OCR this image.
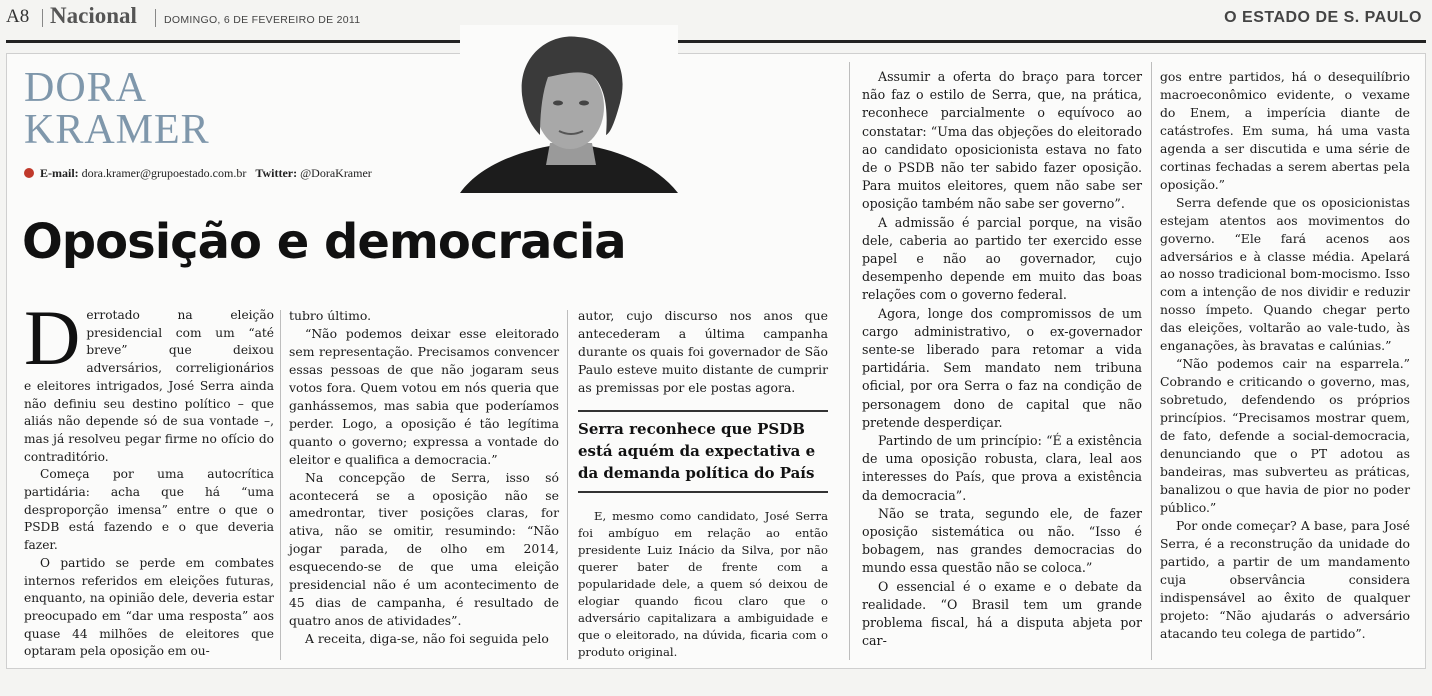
A8 Nacional	DOMINGO, 6 DE FEVEREIRO DE 2011	O ESTADO DE S. PAULO
DORA
KRAMER
E-mail: dora.kramer@grupoestado.com.br Twitter: @DoraKramer
Oposição e democracia

Derrotado na eleição presidencial com um “até breve” que deixou adversários, correligionários e eleitores intrigados, José Serra ainda não definiu seu destino político – que aliás não depende só de sua vontade –, mas já resolveu pegar firme no ofício do contraditório.

Começa por uma autocrítica partidária: acha que há “uma desproporção imensa” entre o que o PSDB está fazendo e o que deveria fazer.

O partido se perde em combates internos referidos em eleições futuras, enquanto, na opinião dele, deveria estar preocupado em “dar uma resposta” aos quase 44 milhões de eleitores que optaram pela oposição em ou-

tubro último.

“Não podemos deixar esse eleitorado sem representação. Precisamos convencer essas pessoas de que não jogaram seus votos fora. Quem votou em nós queria que ganhássemos, mas sabia que poderíamos perder. Logo, a oposição é tão legítima quanto o governo; expressa a vontade do eleitor e qualifica a democracia.”

Na concepção de Serra, isso só acontecerá se a oposição não se amedrontar, tiver posições claras, for ativa, não se omitir, resumindo: “Não jogar parada, de olho em 2014, esquecendo-se de que uma eleição presidencial não é um acontecimento de 45 dias de campanha, é resultado de quatro anos de atividades”.

A receita, diga-se, não foi seguida pelo

autor, cujo discurso nos anos que antecederam a última campanha durante os quais foi governador de São Paulo esteve muito distante de cumprir as premissas por ele postas agora.

Serra reconhece que PSDB está aquém da expectativa e da demanda política do País

E, mesmo como candidato, José Serra foi ambíguo em relação ao então presidente Luiz Inácio da Silva, por não querer bater de frente com a popularidade dele, a quem só deixou de elogiar quando ficou claro que o adversário capitalizara a ambiguidade e que o eleitorado, na dúvida, ficaria com o produto original.

Assumir a oferta do braço para torcer não faz o estilo de Serra, que, na prática, reconhece parcialmente o equívoco ao constatar: “Uma das objeções do eleitorado ao candidato oposicionista estava no fato de o PSDB não ter sabido fazer oposição. Para muitos eleitores, quem não sabe ser oposição também não sabe ser governo”.

A admissão é parcial porque, na visão dele, caberia ao partido ter exercido esse papel e não ao governador, cujo desempenho depende em muito das boas relações com o governo federal.

Agora, longe dos compromissos de um cargo administrativo, o ex-governador sente-se liberado para retomar a vida partidária. Sem mandato nem tribuna oficial, por ora Serra o faz na condição de personagem dono de capital que não pretende desperdiçar.

Partindo de um princípio: “É a existência de uma oposição robusta, clara, leal aos interesses do País, que prova a existência da democracia”.

Não se trata, segundo ele, de fazer oposição sistemática ou não. “Isso é bobagem, nas grandes democracias do mundo essa questão não se coloca.”

O essencial é o exame e o debate da realidade. “O Brasil tem um grande problema fiscal, há a disputa abjeta por car-

gos entre partidos, há o desequilíbrio macroeconômico evidente, o vexame do Enem, a imperícia diante de catástrofes. Em suma, há uma vasta agenda a ser discutida e uma série de cortinas fechadas a serem abertas pela oposição.”

Serra defende que os oposicionistas estejam atentos aos movimentos do governo. “Ele fará acenos aos adversários e à classe média. Apelará ao nosso tradicional bom-mocismo. Isso com a intenção de nos dividir e reduzir nosso ímpeto. Quando chegar perto das eleições, voltarão ao vale-tudo, às enganações, às bravatas e calúnias.”

“Não podemos cair na esparrela.” Cobrando e criticando o governo, mas, sobretudo, defendendo os próprios princípios. “Precisamos mostrar quem, de fato, defende a social-democracia, denunciando que o PT adotou as bandeiras, mas subverteu as práticas, banalizou o que havia de pior no poder público.”

Por onde começar? A base, para José Serra, é a reconstrução da unidade do partido, a partir de um mandamento cuja observância considera indispensável ao êxito de qualquer projeto: “Não ajudarás o adversário atacando teu colega de partido”.
